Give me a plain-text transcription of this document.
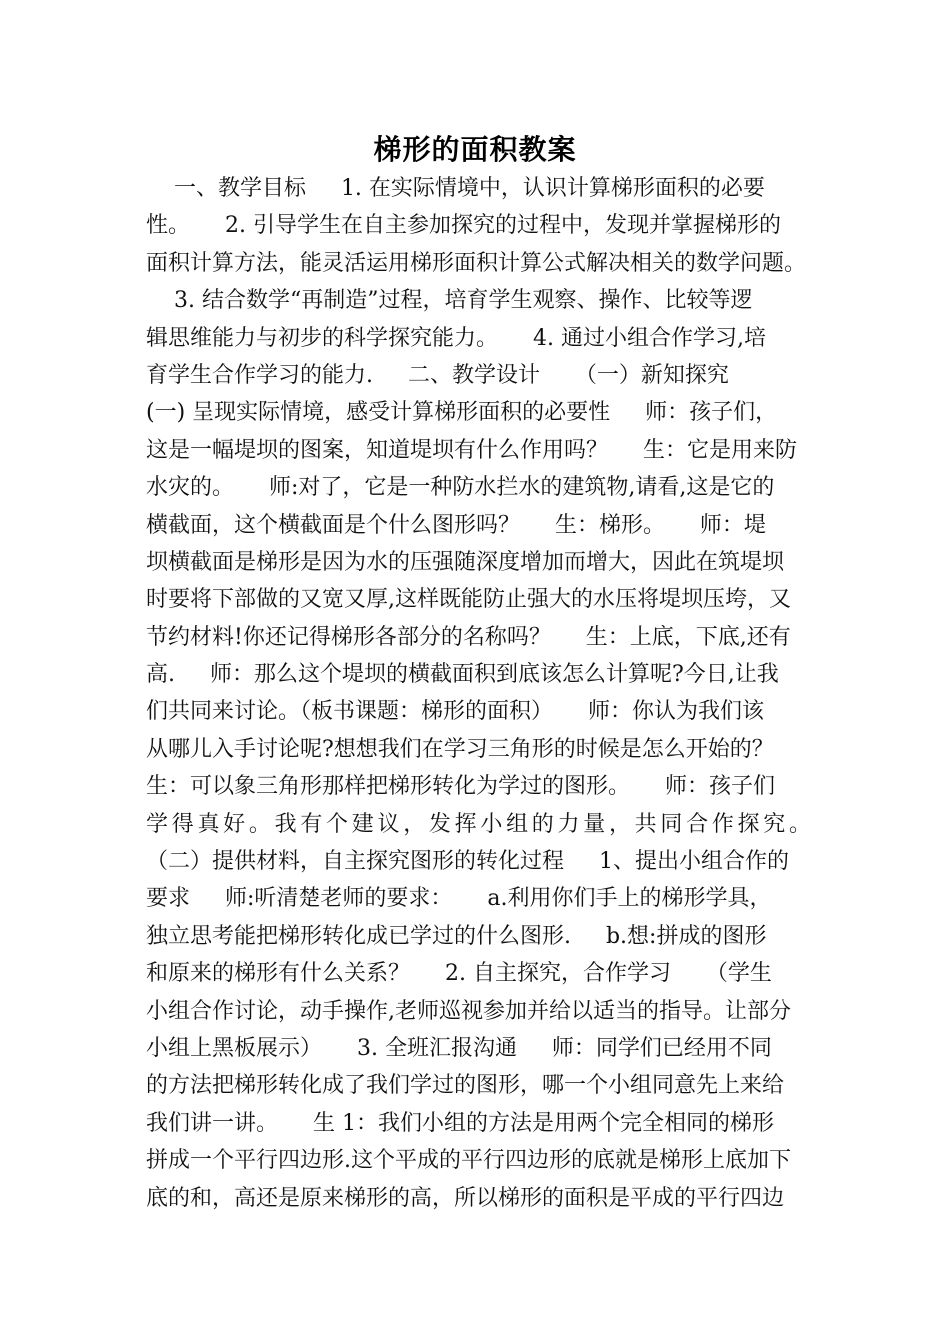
梯形的面积教案
一、教学目标     1. 在实际情境中，认识计算梯形面积的必要
性。     2. 引导学生在自主参加探究的过程中，发现并掌握梯形的
面积计算方法，能灵活运用梯形面积计算公式解决相关的数学问题。
3. 结合数学“再制造”过程，培育学生观察、操作、比较等逻
辑思维能力与初步的科学探究能力。     4. 通过小组合作学习,培
育学生合作学习的能力.     二、教学设计     （一）新知探究
(一) 呈现实际情境，感受计算梯形面积的必要性     师：孩子们，
这是一幅堤坝的图案，知道堤坝有什么作用吗？     生：它是用来防
水灾的。     师:对了，它是一种防水拦水的建筑物,请看,这是它的
横截面，这个横截面是个什么图形吗？     生：梯形。     师：堤
坝横截面是梯形是因为水的压强随深度增加而增大，因此在筑堤坝
时要将下部做的又宽又厚,这样既能防止强大的水压将堤坝压垮，又
节约材料!你还记得梯形各部分的名称吗？     生：上底，下底,还有
高.     师：那么这个堤坝的横截面积到底该怎么计算呢?今日,让我
们共同来讨论。（板书课题：梯形的面积）     师：你认为我们该
从哪儿入手讨论呢?想想我们在学习三角形的时候是怎么开始的？
生：可以象三角形那样把梯形转化为学过的图形。     师：孩子们
学得真好。我有个建议，发挥小组的力量，共同合作探究。
（二）提供材料，自主探究图形的转化过程     1、提出小组合作的
要求     师:听清楚老师的要求：     a.利用你们手上的梯形学具，
独立思考能把梯形转化成已学过的什么图形.     b.想:拼成的图形
和原来的梯形有什么关系？     2. 自主探究，合作学习     （学生
小组合作讨论，动手操作,老师巡视参加并给以适当的指导。让部分
小组上黑板展示）     3. 全班汇报沟通     师：同学们已经用不同
的方法把梯形转化成了我们学过的图形，哪一个小组同意先上来给
我们讲一讲。     生 1：我们小组的方法是用两个完全相同的梯形
拼成一个平行四边形.这个平成的平行四边形的底就是梯形上底加下
底的和，高还是原来梯形的高，所以梯形的面积是平成的平行四边
